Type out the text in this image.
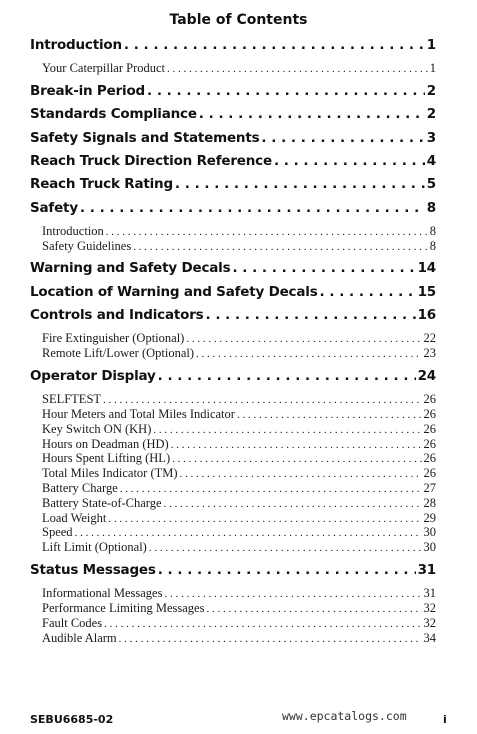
Table of Contents
Introduction . . .	1
Your Caterpillar Product . . .	1
Break-in Period . . .	2
Standards Compliance . . .	2
Safety Signals and Statements . . .	3
Reach Truck Direction Reference . . .	4
Reach Truck Rating . . .	5
Safety . . .	8
Introduction . . .	8
Safety Guidelines . . .	8
Warning and Safety Decals . . .	14
Location of Warning and Safety Decals . . .	15
Controls and Indicators . . .	16
Fire Extinguisher (Optional) . . .	22
Remote Lift/Lower (Optional) . . .	23
Operator Display . . .	24
SELFTEST . . .	26
Hour Meters and Total Miles Indicator . . .	26
Key Switch ON (KH) . . .	26
Hours on Deadman (HD) . . .	26
Hours Spent Lifting (HL) . . .	26
Total Miles Indicator (TM) . . .	26
Battery Charge . . .	27
Battery State-of-Charge . . .	28
Load Weight . . .	29
Speed . . .	30
Lift Limit (Optional) . . .	30
Status Messages . . .	31
Informational Messages . . .	31
Performance Limiting Messages . . .	32
Fault Codes . . .	32
Audible Alarm . . .	34
SEBU6685-02	www.epcatalogs.com	i
